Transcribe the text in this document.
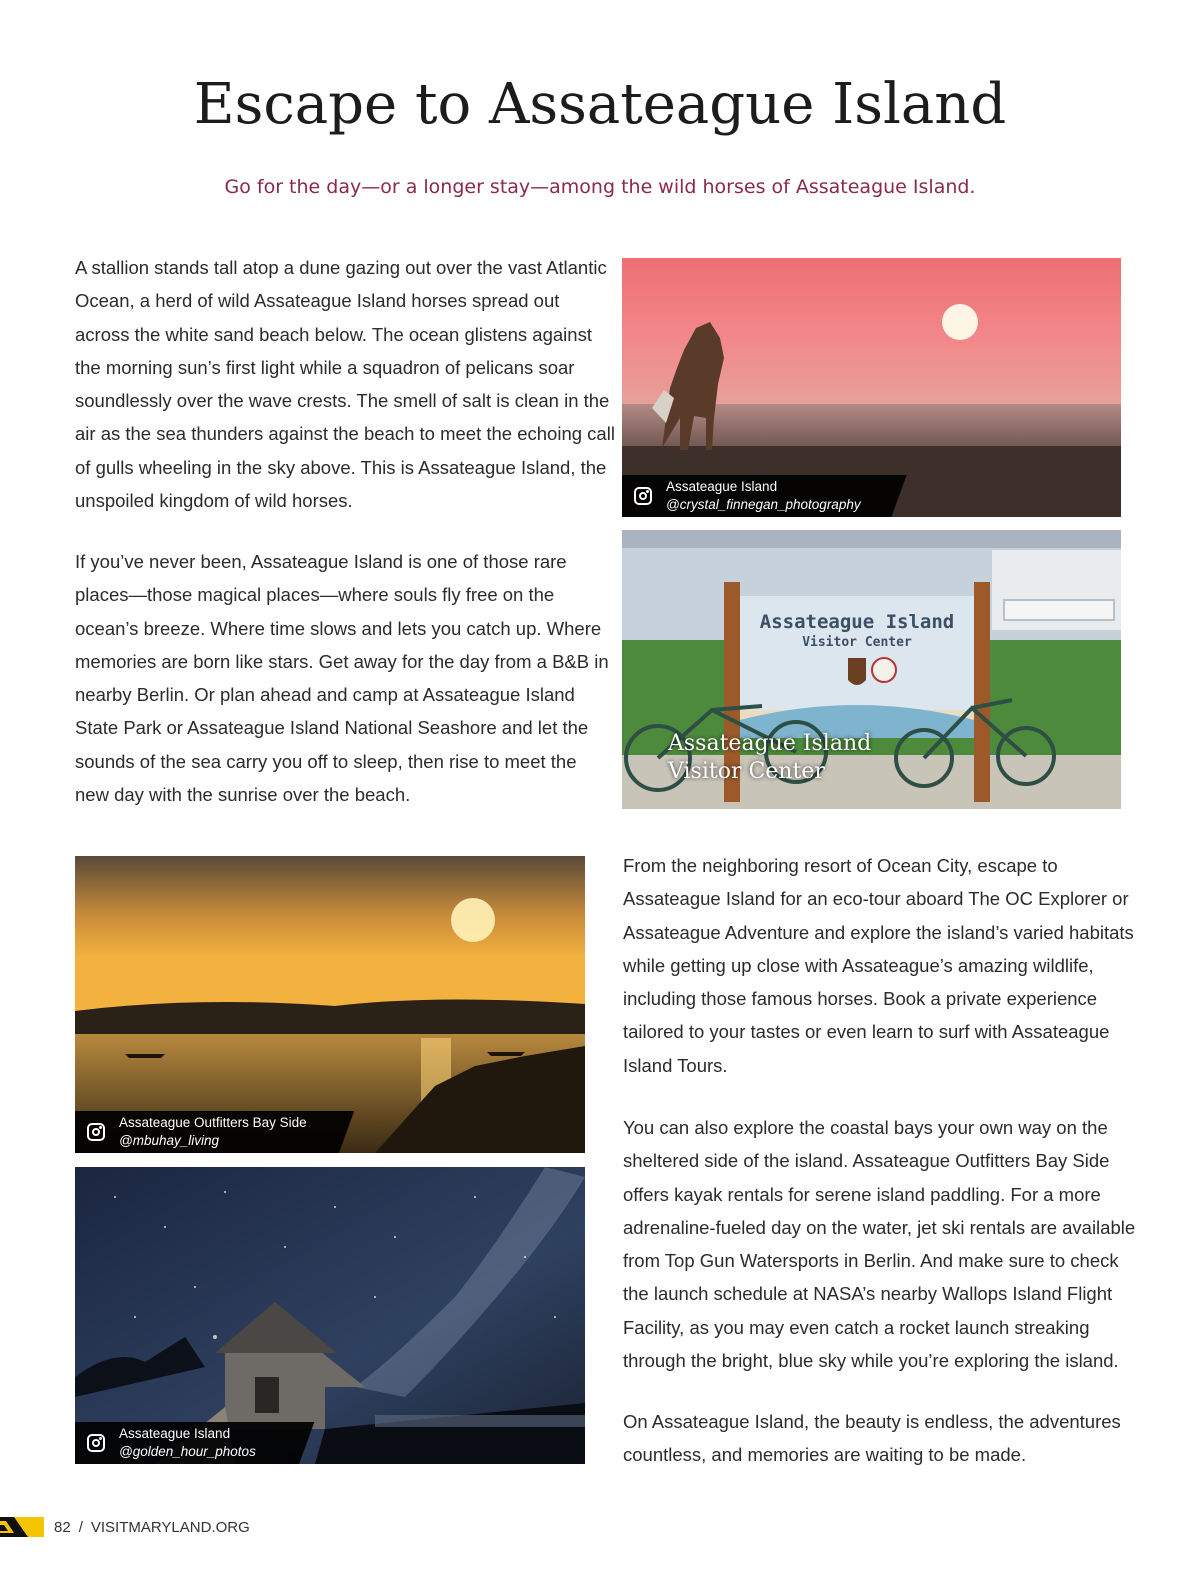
Escape to Assateague Island

Go for the day—or a longer stay—among the wild horses of Assateague Island.

A stallion stands tall atop a dune gazing out over the vast Atlantic Ocean, a herd of wild Assateague Island horses spread out across the white sand beach below. The ocean glistens against the morning sun’s first light while a squadron of pelicans soar soundlessly over the wave crests. The smell of salt is clean in the air as the sea thunders against the beach to meet the echoing call of gulls wheeling in the sky above. This is Assateague Island, the unspoiled kingdom of wild horses.

If you’ve never been, Assateague Island is one of those rare places—those magical places—where souls fly free on the ocean’s breeze. Where time slows and lets you catch up. Where memories are born like stars. Get away for the day from a B&B in nearby Berlin. Or plan ahead and camp at Assateague Island State Park or Assateague Island National Seashore and let the sounds of the sea carry you off to sleep, then rise to meet the new day with the sunrise over the beach.

From the neighboring resort of Ocean City, escape to Assateague Island for an eco-tour aboard The OC Explorer or Assateague Adventure and explore the island’s varied habitats while getting up close with Assateague’s amazing wildlife, including those famous horses. Book a private experience tailored to your tastes or even learn to surf with Assateague Island Tours.

You can also explore the coastal bays your own way on the sheltered side of the island. Assateague Outfitters Bay Side offers kayak rentals for serene island paddling. For a more adrenaline-fueled day on the water, jet ski rentals are available from Top Gun Watersports in Berlin. And make sure to check the launch schedule at NASA’s nearby Wallops Island Flight Facility, as you may even catch a rocket launch streaking through the bright, blue sky while you’re exploring the island.

On Assateague Island, the beauty is endless, the adventures countless, and memories are waiting to be made.

Assateague Island
@crystal_finnegan_photography
Assateague Island
Visitor Center
Assateague Island
Visitor Center
Assateague Outfitters Bay Side
@mbuhay_living
Assateague Island
@golden_hour_photos
82 / VISITMARYLAND.ORG
